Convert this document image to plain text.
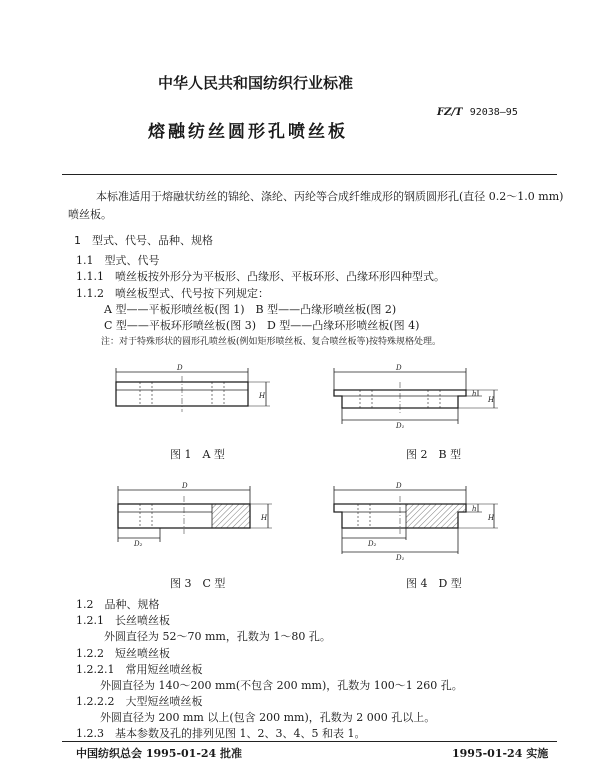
中华人民共和国纺织行业标准
熔融纺丝圆形孔喷丝板
FZ/T 92038—95
本标准适用于熔融状纺丝的锦纶、涤纶、丙纶等合成纤维成形的钢质圆形孔(直径 0.2～1.0 mm)
喷丝板。
1　型式、代号、品种、规格
1.1　型式、代号
1.1.1　喷丝板按外形分为平板形、凸缘形、平板环形、凸缘环形四种型式。
1.1.2　喷丝板型式、代号按下列规定：
A 型——平板形喷丝板(图 1)　B 型——凸缘形喷丝板(图 2)
C 型——平板环形喷丝板(图 3)　D 型——凸缘环形喷丝板(图 4)
注：对于特殊形状的圆形孔喷丝板(例如矩形喷丝板、复合喷丝板等)按特殊规格处理。
D
H
图 1　A 型
D
D₁
h
H
图 2　B 型
D
D₂
H
图 3　C 型
D
D₂
D₁
h
H
图 4　D 型
1.2　品种、规格
1.2.1　长丝喷丝板
外圆直径为 52～70 mm，孔数为 1～80 孔。
1.2.2　短丝喷丝板
1.2.2.1　常用短丝喷丝板
外圆直径为 140～200 mm(不包含 200 mm)，孔数为 100～1 260 孔。
1.2.2.2　大型短丝喷丝板
外圆直径为 200 mm 以上(包含 200 mm)，孔数为 2 000 孔以上。
1.2.3　基本参数及孔的排列见图 1、2、3、4、5 和表 1。
中国纺织总会 1995-01-24 批准	1995-01-24 实施
